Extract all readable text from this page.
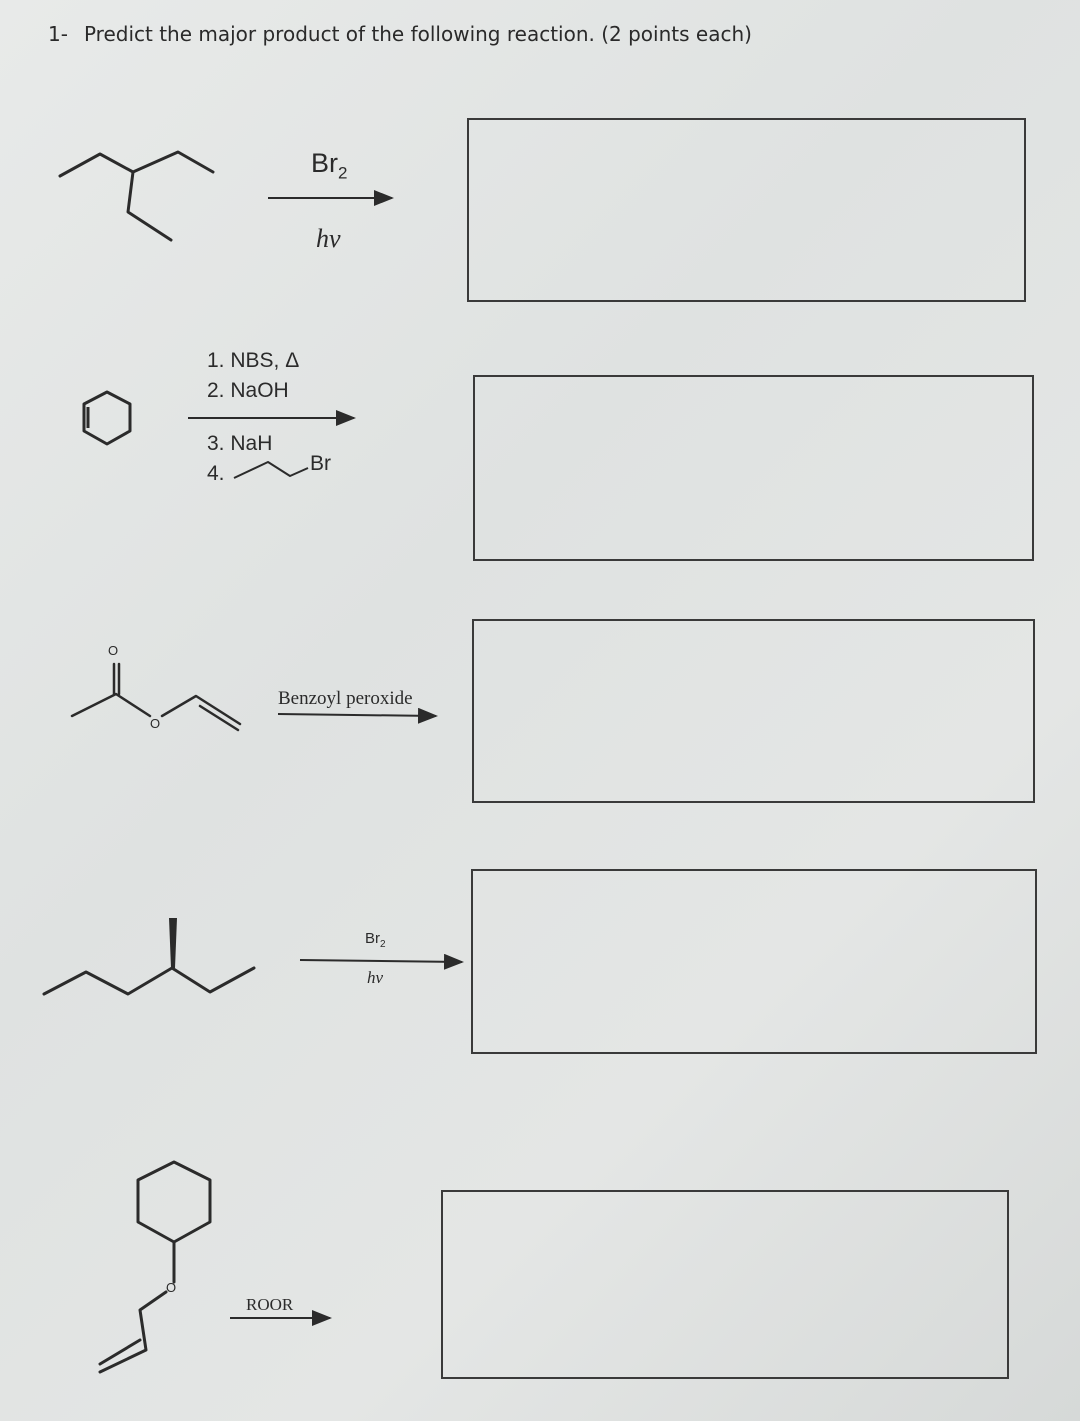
1- Predict the major product of the following reaction. (2 points each)
$Br_2$
hv
1. NBS, Δ
2. NaOH
3. NaH
4.	Br
O
O
Benzoyl peroxide
$Br_2$
hv
O
ROOR
